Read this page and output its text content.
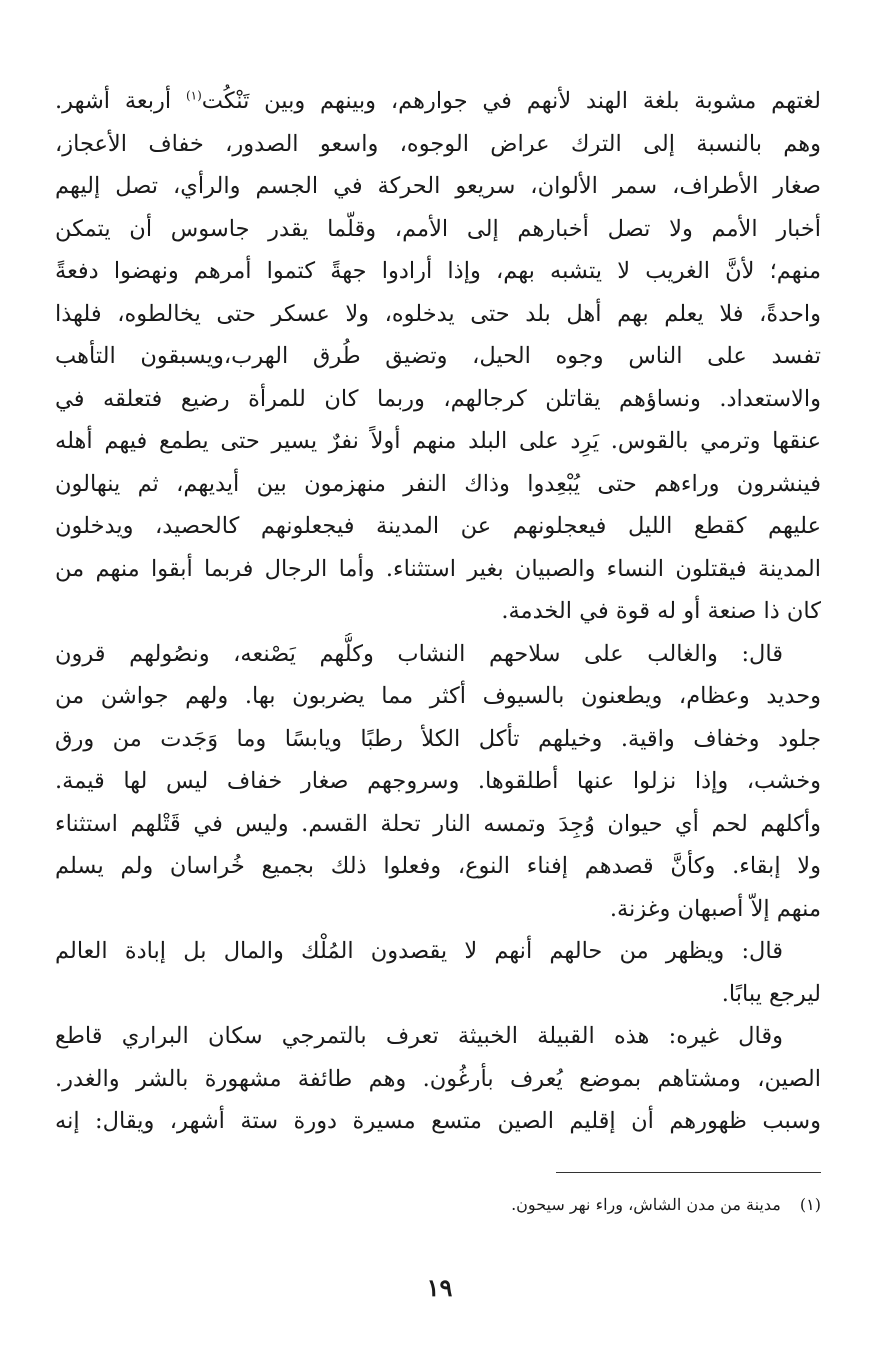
لغتهم مشوبة بلغة الهند لأنهم في جوارهم، وبينهم وبين تَنْكُت$^{(١)}$ أربعة أشهر.
وهم بالنسبة إلى الترك عراض الوجوه، واسعو الصدور، خفاف الأعجاز،
صغار الأطراف، سمر الألوان، سريعو الحركة في الجسم والرأي، تصل إليهم
أخبار الأمم ولا تصل أخبارهم إلى الأمم، وقلّما يقدر جاسوس أن يتمكن
منهم؛ لأنَّ الغريب لا يتشبه بهم، وإذا أرادوا جهةً كتموا أمرهم ونهضوا دفعةً
واحدةً، فلا يعلم بهم أهل بلد حتى يدخلوه، ولا عسكر حتى يخالطوه، فلهذا
تفسد على الناس وجوه الحيل، وتضيق طُرق الهرب،ويسبقون التأهب
والاستعداد. ونساؤهم يقاتلن كرجالهم، وربما كان للمرأة رضيع فتعلقه في
عنقها وترمي بالقوس. يَرِد على البلد منهم أولاً نفرٌ يسير حتى يطمع فيهم أهله
فينشرون وراءهم حتى يُبْعِدوا وذاك النفر منهزمون بين أيديهم، ثم ينهالون
عليهم كقطع الليل فيعجلونهم عن المدينة فيجعلونهم كالحصيد، ويدخلون
المدينة فيقتلون النساء والصبيان بغير استثناء. وأما الرجال فربما أبقوا منهم من
كان ذا صنعة أو له قوة في الخدمة.
قال: والغالب على سلاحهم النشاب وكلُّهم يَصْنعه، ونصُولهم قرون
وحديد وعظام، ويطعنون بالسيوف أكثر مما يضربون بها. ولهم جواشن من
جلود وخفاف واقية. وخيلهم تأكل الكلأ رطبًا ويابسًا وما وَجَدت من ورق
وخشب، وإذا نزلوا عنها أطلقوها. وسروجهم صغار خفاف ليس لها قيمة.
وأكلهم لحم أي حيوان وُجِدَ وتمسه النار تحلة القسم. وليس في قَتْلهم استثناء
ولا إبقاء. وكأنَّ قصدهم إفناء النوع، وفعلوا ذلك بجميع خُراسان ولم يسلم
منهم إلاّ أصبهان وغزنة.
قال: ويظهر من حالهم أنهم لا يقصدون المُلْك والمال بل إبادة العالم
ليرجع يبابًا.
وقال غيره: هذه القبيلة الخبيثة تعرف بالتمرجي سكان البراري قاطع
الصين، ومشتاهم بموضع يُعرف بأرغُون. وهم طائفة مشهورة بالشر والغدر.
وسبب ظهورهم أن إقليم الصين متسع مسيرة دورة ستة أشهر، ويقال: إنه
(١) مدينة من مدن الشاش، وراء نهر سيحون.
١٩
